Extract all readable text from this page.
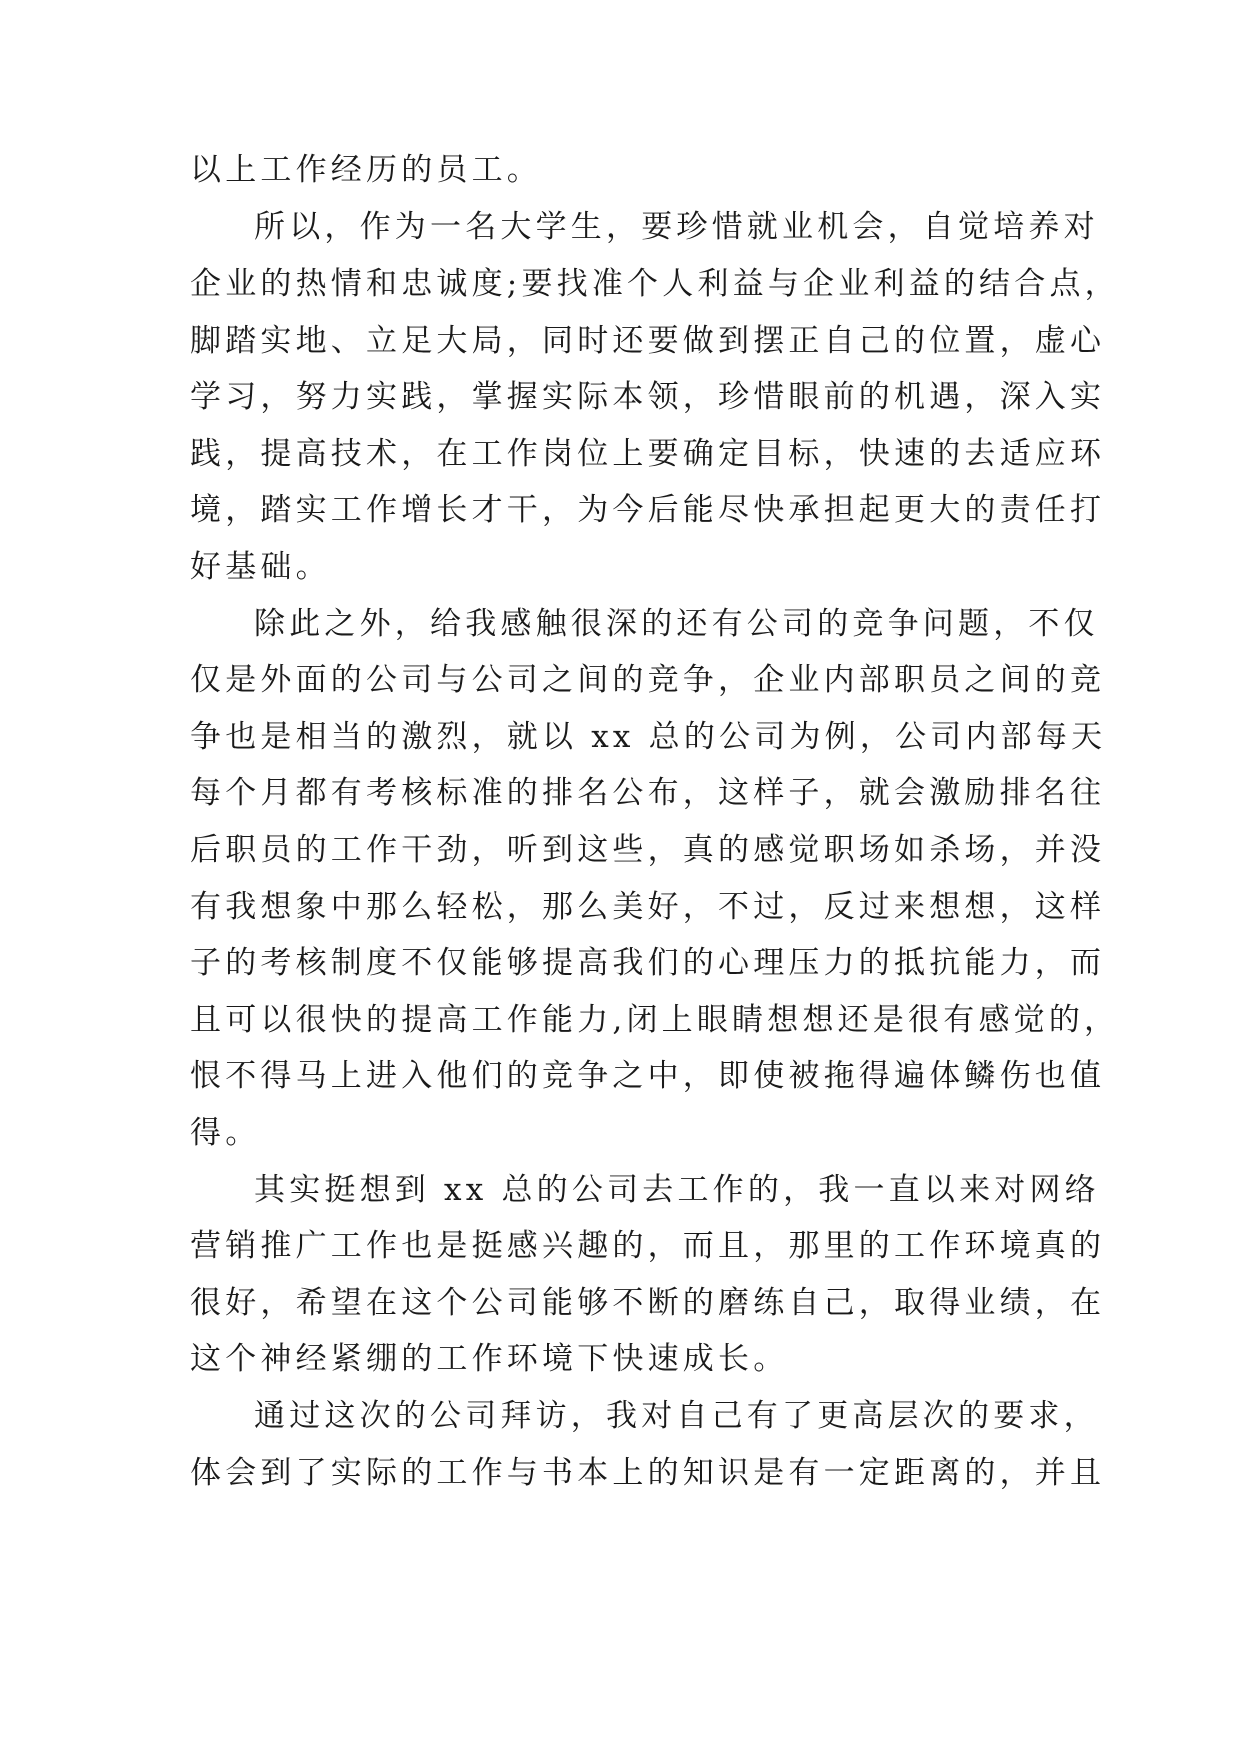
以上工作经历的员工。
所以，作为一名大学生，要珍惜就业机会，自觉培养对
企业的热情和忠诚度;要找准个人利益与企业利益的结合点，
脚踏实地、立足大局，同时还要做到摆正自己的位置，虚心
学习，努力实践，掌握实际本领，珍惜眼前的机遇，深入实
践，提高技术，在工作岗位上要确定目标，快速的去适应环
境，踏实工作增长才干，为今后能尽快承担起更大的责任打
好基础。
除此之外，给我感触很深的还有公司的竞争问题，不仅
仅是外面的公司与公司之间的竞争，企业内部职员之间的竞
争也是相当的激烈，就以 xx 总的公司为例，公司内部每天
每个月都有考核标准的排名公布，这样子，就会激励排名往
后职员的工作干劲，听到这些，真的感觉职场如杀场，并没
有我想象中那么轻松，那么美好，不过，反过来想想，这样
子的考核制度不仅能够提高我们的心理压力的抵抗能力，而
且可以很快的提高工作能力,闭上眼睛想想还是很有感觉的，
恨不得马上进入他们的竞争之中，即使被拖得遍体鳞伤也值
得。
其实挺想到 xx 总的公司去工作的，我一直以来对网络
营销推广工作也是挺感兴趣的，而且，那里的工作环境真的
很好，希望在这个公司能够不断的磨练自己，取得业绩，在
这个神经紧绷的工作环境下快速成长。
通过这次的公司拜访，我对自己有了更高层次的要求，
体会到了实际的工作与书本上的知识是有一定距离的，并且
